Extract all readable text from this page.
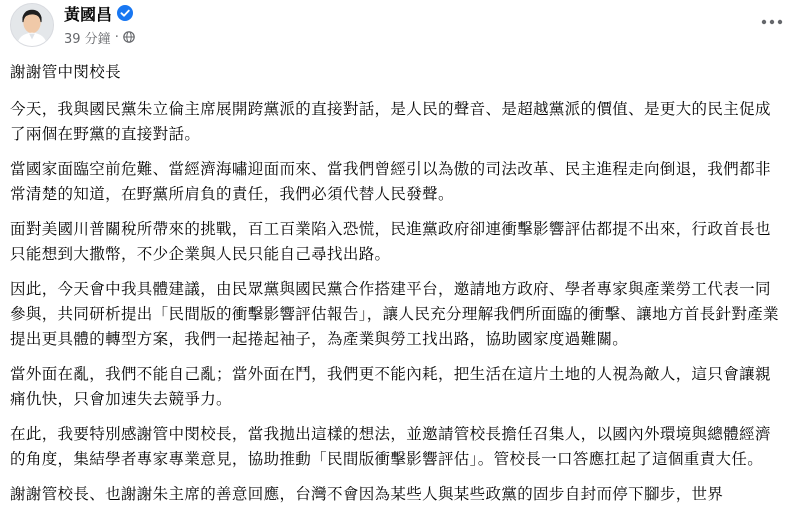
黃國昌
39 分鐘 ·

謝謝管中閔校長

今天，我與國民黨朱立倫主席展開跨黨派的直接對話，是人民的聲音、是超越黨派的價值、是更大的民主促成了兩個在野黨的直接對話。

當國家面臨空前危難、當經濟海嘯迎面而來、當我們曾經引以為傲的司法改革、民主進程走向倒退，我們都非常清楚的知道，在野黨所肩負的責任，我們必須代替人民發聲。

面對美國川普關稅所帶來的挑戰，百工百業陷入恐慌，民進黨政府卻連衝擊影響評估都提不出來，行政首長也只能想到大撒幣，不少企業與人民只能自己尋找出路。

因此，今天會中我具體建議，由民眾黨與國民黨合作搭建平台，邀請地方政府、學者專家與產業勞工代表一同參與，共同研析提出「民間版的衝擊影響評估報告」，讓人民充分理解我們所面臨的衝擊、讓地方首長針對產業提出更具體的轉型方案，我們一起捲起袖子，為產業與勞工找出路，協助國家度過難關。

當外面在亂，我們不能自己亂；當外面在鬥，我們更不能內耗，把生活在這片土地的人視為敵人，這只會讓親痛仇快，只會加速失去競爭力。

在此，我要特別感謝管中閔校長，當我拋出這樣的想法，並邀請管校長擔任召集人，以國內外環境與總體經濟的角度，集結學者專家專業意見，協助推動「民間版衝擊影響評估」。管校長一口答應扛起了這個重責大任。

謝謝管校長、也謝謝朱主席的善意回應，台灣不會因為某些人與某些政黨的固步自封而停下腳步，世界
